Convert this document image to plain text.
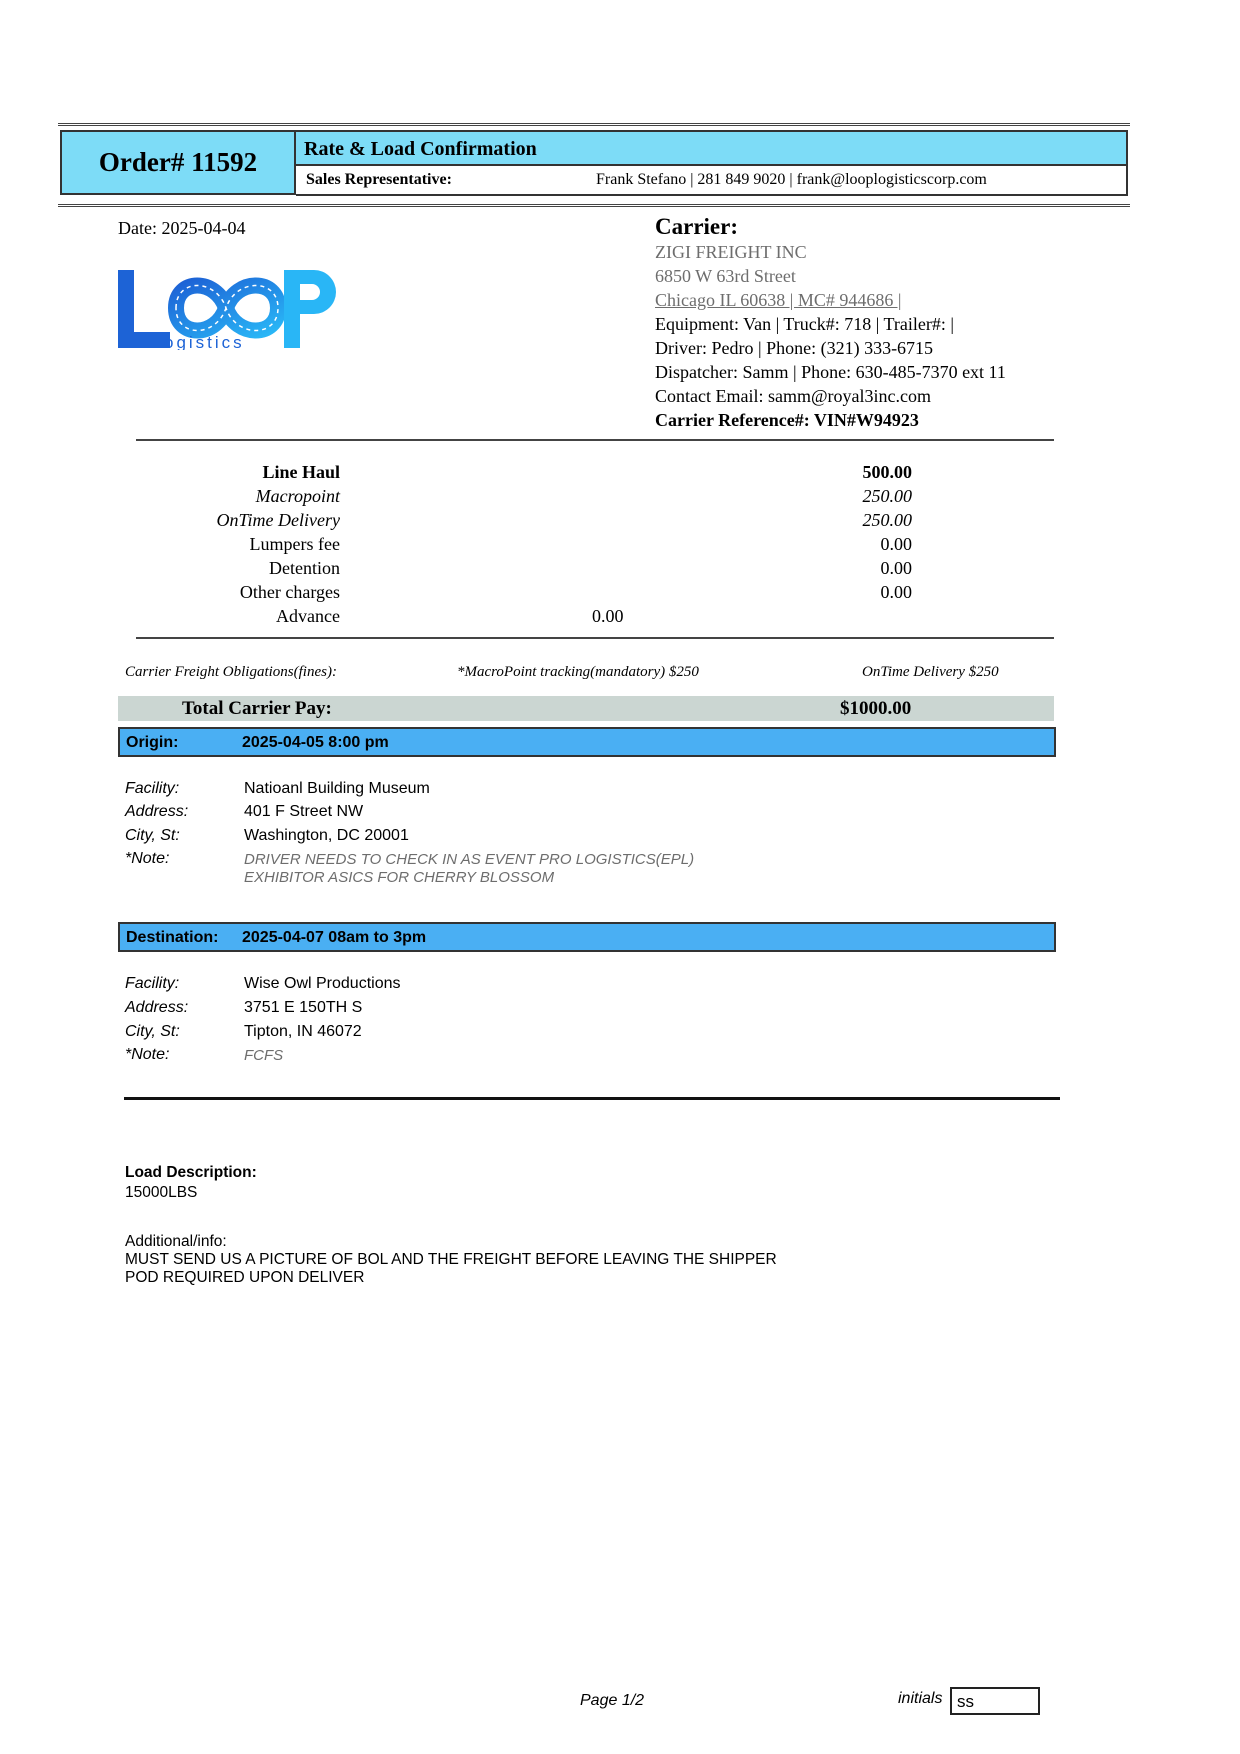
Order# 11592	Rate & Load Confirmation
Sales Representative:	Frank Stefano | 281 849 9020 | frank@looplogisticscorp.com
Date: 2025-04-04
ogistics
Carrier:
ZIGI FREIGHT INC
6850 W 63rd Street
Chicago IL 60638 | MC# 944686 |
Equipment: Van | Truck#: 718 | Trailer#: |
Driver: Pedro | Phone: (321) 333-6715
Dispatcher: Samm | Phone: 630-485-7370 ext 11
Contact Email: samm@royal3inc.com
Carrier Reference#: VIN#W94923
Line Haul	500.00
Macropoint	250.00
OnTime Delivery	250.00
Lumpers fee	0.00
Detention	0.00
Other charges	0.00
Advance	0.00
Carrier Freight Obligations(fines):	*MacroPoint tracking(mandatory) $250	OnTime Delivery $250
Total Carrier Pay:	$1000.00
Origin:	2025-04-05 8:00 pm
Facility:	Natioanl Building Museum
Address:	401 F Street NW
City, St:	Washington, DC 20001
*Note:	DRIVER NEEDS TO CHECK IN AS EVENT PRO LOGISTICS(EPL)
EXHIBITOR ASICS FOR CHERRY BLOSSOM
Destination: 2025-04-07 08am to 3pm
Facility:	Wise Owl Productions
Address:	3751 E 150TH S
City, St:	Tipton, IN 46072
*Note:	FCFS
Load Description:
15000LBS
Additional/info:
MUST SEND US A PICTURE OF BOL AND THE FREIGHT BEFORE LEAVING THE SHIPPER
POD REQUIRED UPON DELIVER
Page 1/2	initials ss
